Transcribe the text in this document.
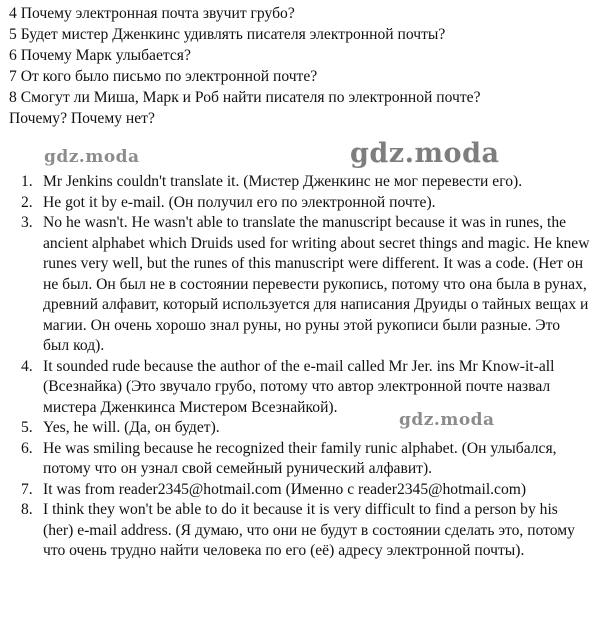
4 Почему электронная почта звучит грубо?
5 Будет мистер Дженкинс удивлять писателя электронной почты?
6 Почему Марк улыбается?
7 От кого было письмо по электронной почте?
8 Смогут ли Миша, Марк и Роб найти писателя по электронной почте?
Почему? Почему нет?
gdz.moda	gdz.moda
gdz.moda
1. Mr Jenkins couldn't translate it. (Мистер Дженкинс не мог перевести его).
2. He got it by e-mail. (Он получил его по электронной почте).
3. No he wasn't. He wasn't able to translate the manuscript because it was in runes, the ancient alphabet which Druids used for writing about secret things and magic. He knew runes very well, but the runes of this manuscript were different. It was a code. (Нет он не был. Он был не в состоянии перевести рукопись, потому что она была в рунах, древний алфавит, который используется для написания Друиды о тайных вещах и магии. Он очень хорошо знал руны, но руны этой рукописи были разные. Это был код).
4. It sounded rude because the author of the e-mail called Mr Jer. ins Mr Know-it-all (Всезнайка) (Это звучало грубо, потому что автор электронной почте назвал мистера Дженкинса Мистером Всезнайкой).
5. Yes, he will. (Да, он будет).
6. He was smiling because he recognized their family runic alphabet. (Он улыбался, потому что он узнал свой семейный рунический алфавит).
7. It was from reader2345@hotmail.com (Именно с reader2345@hotmail.com)
8. I think they won't be able to do it because it is very difficult to find a person by his (her) e-mail address. (Я думаю, что они не будут в состоянии сделать это, потому что очень трудно найти человека по его (её) адресу электронной почты).
